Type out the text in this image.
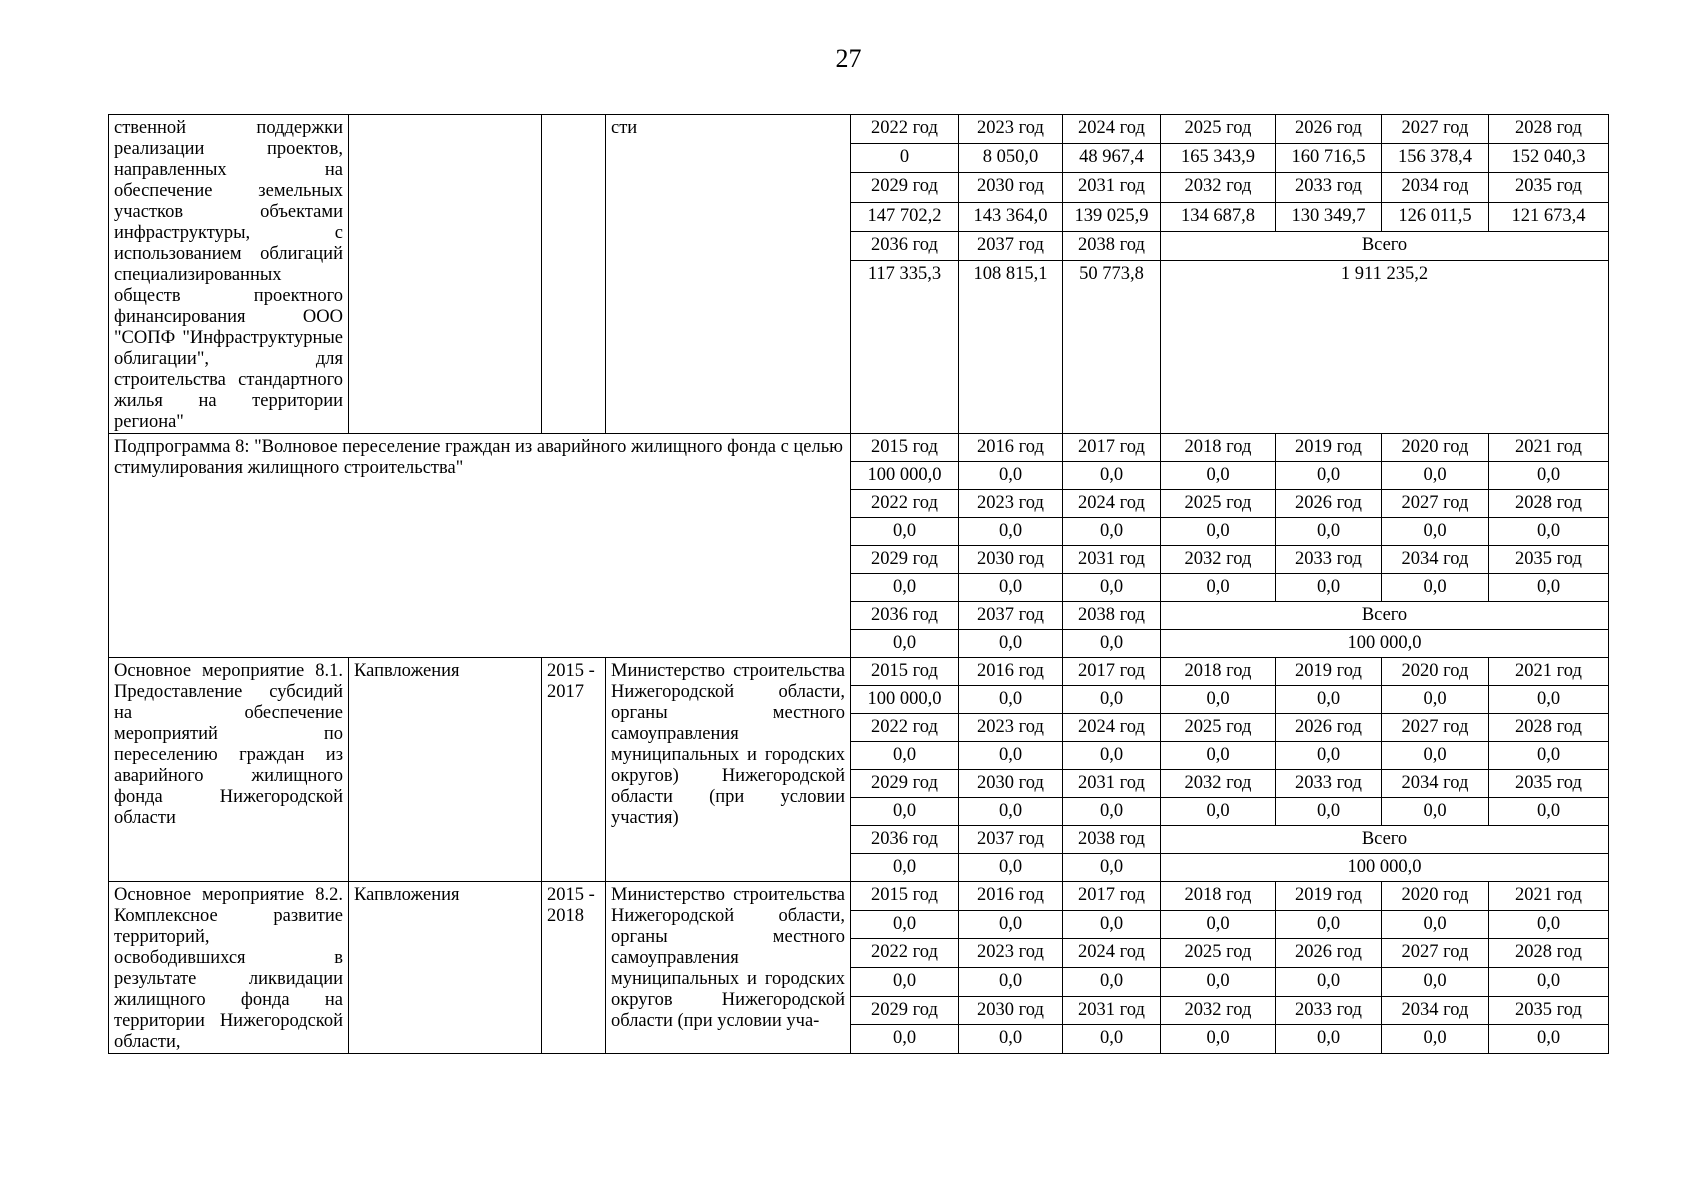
27
ственной поддержки реализации проектов, направленных на обеспечение земельных участков объектами инфраструктуры, с использованием облигаций специализированных обществ проектного финансирования ООО "СОПФ "Инфраструктурные облигации", для строительства стандартного жилья на территории региона"			сти	2022 год	2023 год	2024 год	2025 год	2026 год	2027 год	2028 год
				0	8 050,0	48 967,4	165 343,9	160 716,5	156 378,4	152 040,3
				2029 год	2030 год	2031 год	2032 год	2033 год	2034 год	2035 год
				147 702,2	143 364,0	139 025,9	134 687,8	130 349,7	126 011,5	121 673,4
				2036 год	2037 год	2038 год	Всего			
				117 335,3	108 815,1	50 773,8	1 911 235,2			
Подпрограмма 8: "Волновое переселение граждан из аварийного жилищного фонда с целью стимулирования жилищного строительства"				2015 год	2016 год	2017 год	2018 год	2019 год	2020 год	2021 год
				100 000,0	0,0	0,0	0,0	0,0	0,0	0,0
				2022 год	2023 год	2024 год	2025 год	2026 год	2027 год	2028 год
				0,0	0,0	0,0	0,0	0,0	0,0	0,0
				2029 год	2030 год	2031 год	2032 год	2033 год	2034 год	2035 год
				0,0	0,0	0,0	0,0	0,0	0,0	0,0
				2036 год	2037 год	2038 год	Всего			
				0,0	0,0	0,0	100 000,0			
Основное мероприятие 8.1. Предоставление субсидий на обеспечение мероприятий по переселению граждан из аварийного жилищного фонда Нижегородской области	Капвложения	2015 - 2017	Министерство строительства Нижегородской области, органы местного самоуправления муниципальных и городских округов) Нижегородской области (при условии участия)	2015 год	2016 год	2017 год	2018 год	2019 год	2020 год	2021 год
				100 000,0	0,0	0,0	0,0	0,0	0,0	0,0
				2022 год	2023 год	2024 год	2025 год	2026 год	2027 год	2028 год
				0,0	0,0	0,0	0,0	0,0	0,0	0,0
				2029 год	2030 год	2031 год	2032 год	2033 год	2034 год	2035 год
				0,0	0,0	0,0	0,0	0,0	0,0	0,0
				2036 год	2037 год	2038 год	Всего			
				0,0	0,0	0,0	100 000,0			
Основное мероприятие 8.2. Комплексное развитие территорий, освободившихся в результате ликвидации жилищного фонда на территории Нижегородской области,	Капвложения	2015 - 2018	Министерство строительства Нижегородской области, органы местного самоуправления муниципальных и городских округов Нижегородской области (при условии уча-	2015 год	2016 год	2017 год	2018 год	2019 год	2020 год	2021 год
				0,0	0,0	0,0	0,0	0,0	0,0	0,0
				2022 год	2023 год	2024 год	2025 год	2026 год	2027 год	2028 год
				0,0	0,0	0,0	0,0	0,0	0,0	0,0
				2029 год	2030 год	2031 год	2032 год	2033 год	2034 год	2035 год
				0,0	0,0	0,0	0,0	0,0	0,0	0,0
